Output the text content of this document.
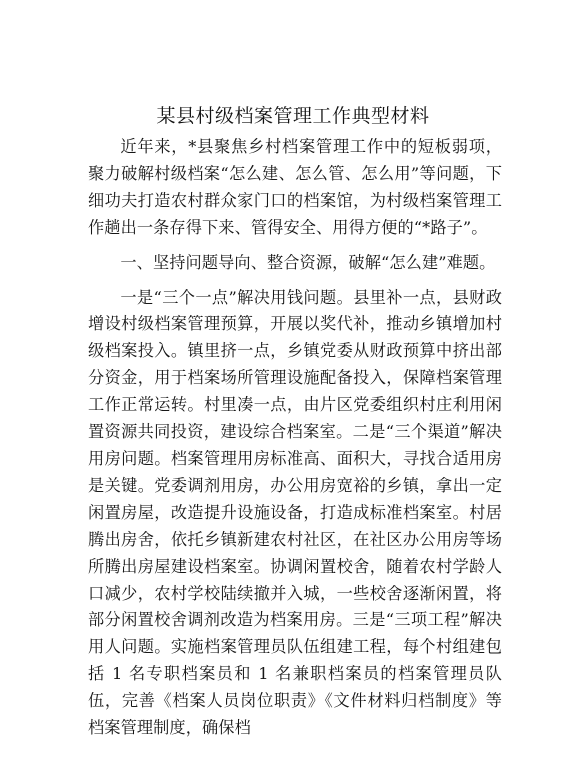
某县村级档案管理工作典型材料

近年来，*县聚焦乡村档案管理工作中的短板弱项，聚力破解村级档案“怎么建、怎么管、怎么用”等问题，下细功夫打造农村群众家门口的档案馆，为村级档案管理工作趟出一条存得下来、管得安全、用得方便的“*路子”。

一、坚持问题导向、整合资源，破解“怎么建”难题。

一是“三个一点”解决用钱问题。县里补一点，县财政增设村级档案管理预算，开展以奖代补，推动乡镇增加村级档案投入。镇里挤一点，乡镇党委从财政预算中挤出部分资金，用于档案场所管理设施配备投入，保障档案管理工作正常运转。村里凑一点，由片区党委组织村庄利用闲置资源共同投资，建设综合档案室。二是“三个渠道”解决用房问题。档案管理用房标准高、面积大，寻找合适用房是关键。党委调剂用房，办公用房宽裕的乡镇，拿出一定闲置房屋，改造提升设施设备，打造成标准档案室。村居腾出房舍，依托乡镇新建农村社区，在社区办公用房等场所腾出房屋建设档案室。协调闲置校舍，随着农村学龄人口减少，农村学校陆续撤并入城，一些校舍逐渐闲置，将部分闲置校舍调剂改造为档案用房。三是“三项工程”解决用人问题。实施档案管理员队伍组建工程，每个村组建包括 1 名专职档案员和 1 名兼职档案员的档案管理员队伍，完善《档案人员岗位职责》《文件材料归档制度》等档案管理制度，确保档
